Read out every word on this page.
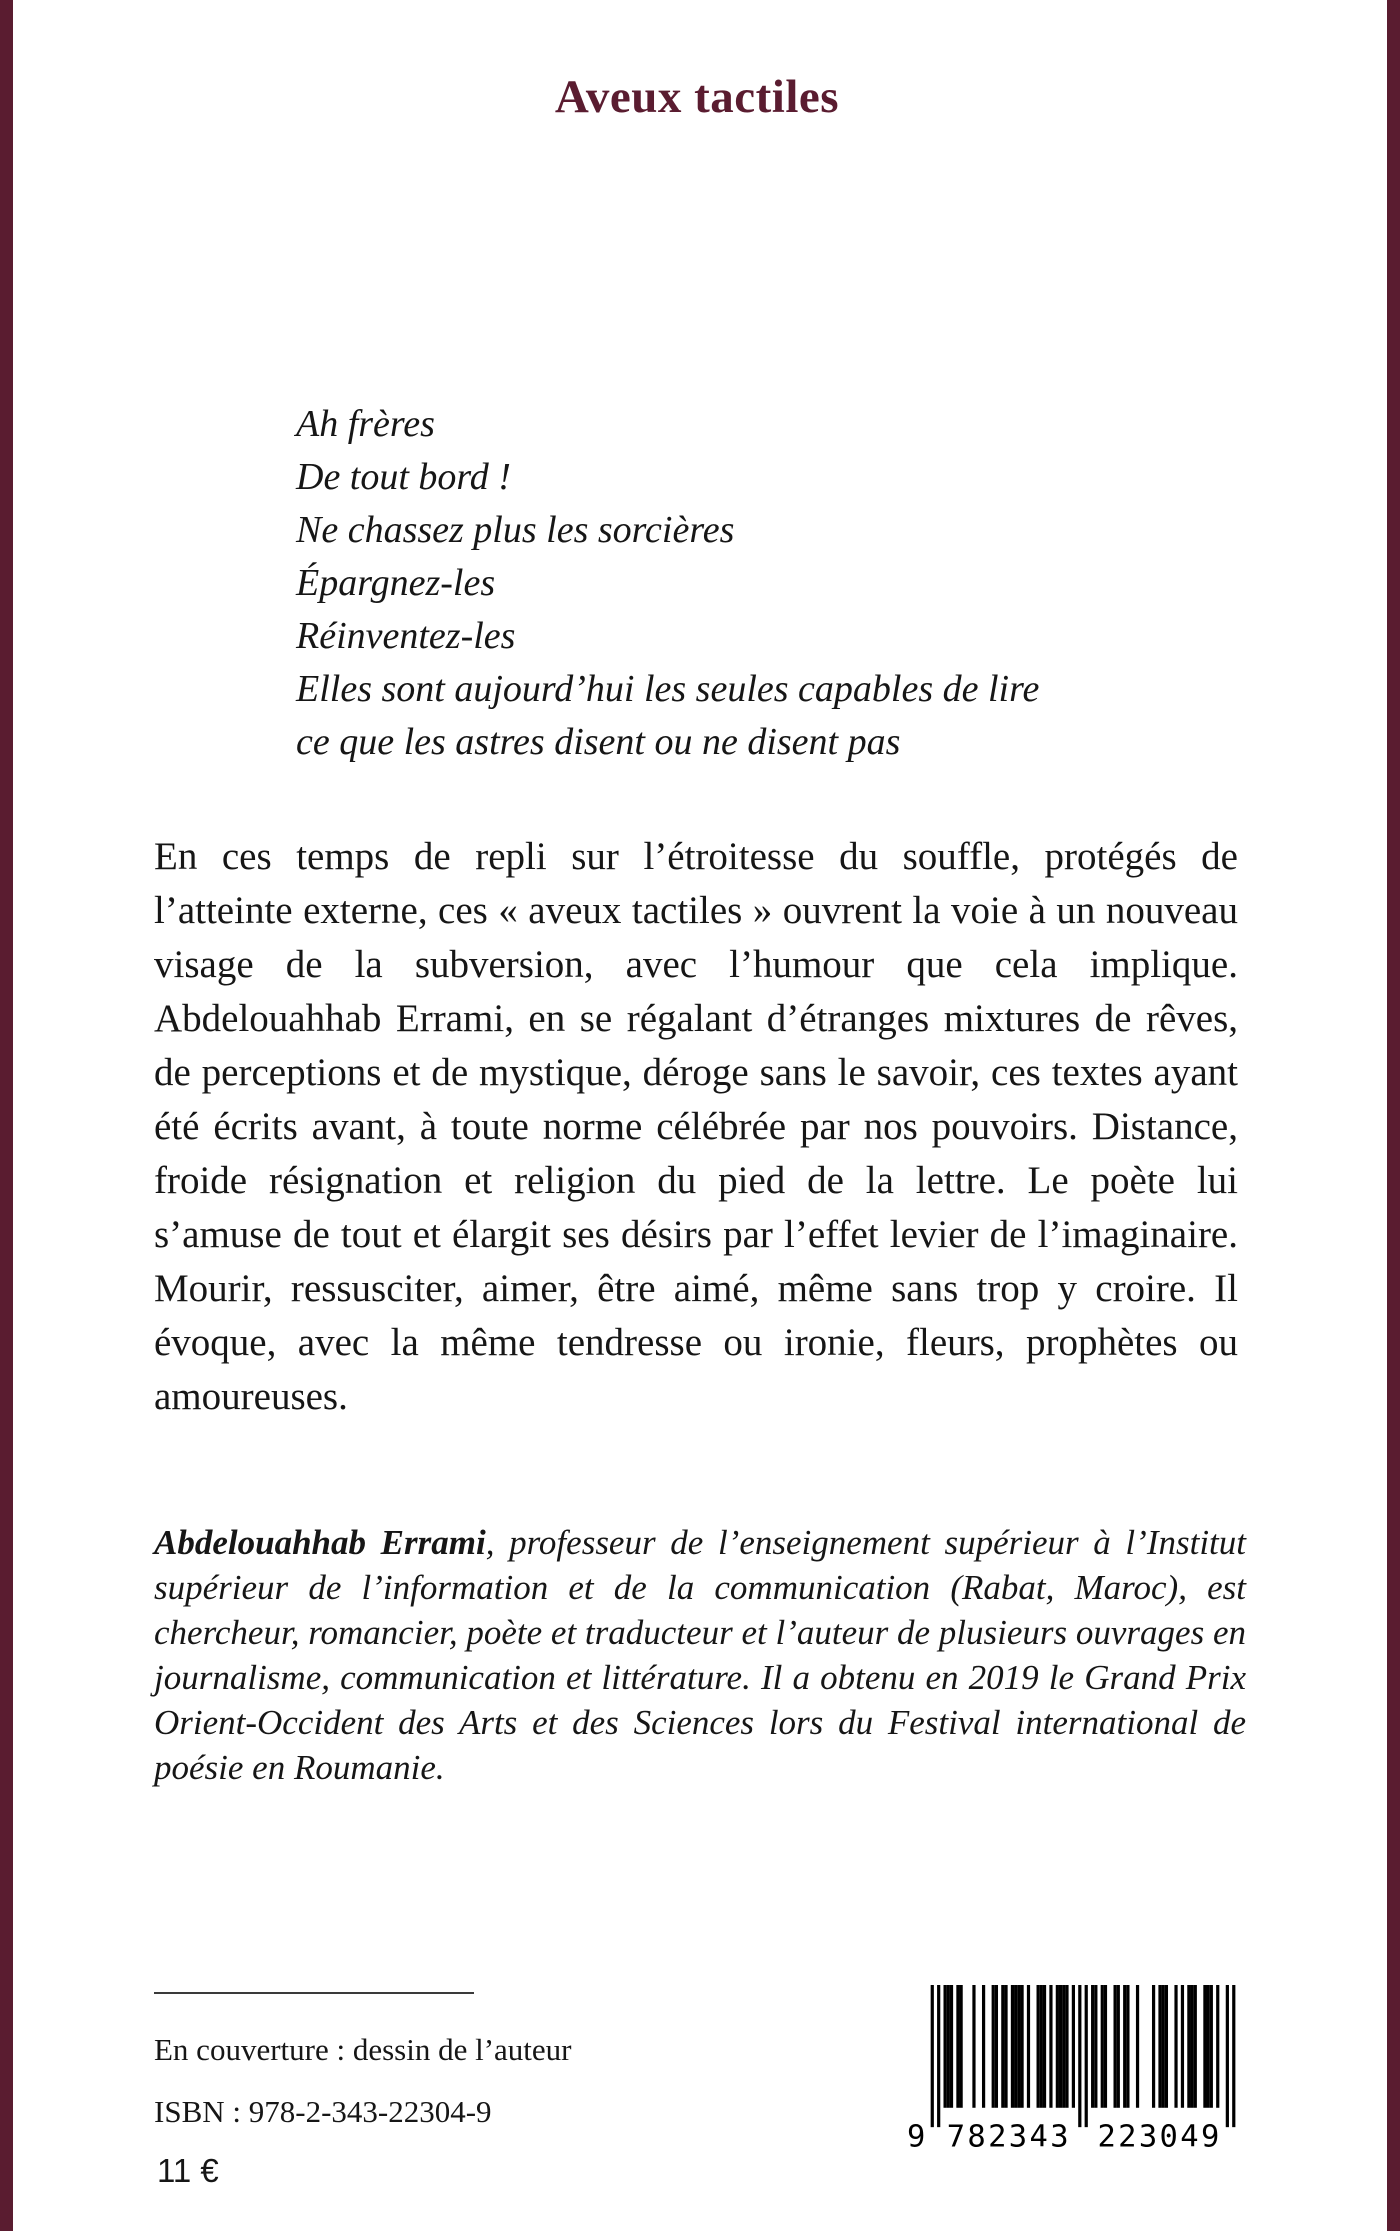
Aveux tactiles
Ah frères
De tout bord !
Ne chassez plus les sorcières
Épargnez-les
Réinventez-les
Elles sont aujourd’hui les seules capables de lire
ce que les astres disent ou ne disent pas

En ces temps de repli sur l’étroitesse du souffle, protégés de l’atteinte externe, ces « aveux tactiles » ouvrent la voie à un nouveau visage de la subversion, avec l’humour que cela implique. Abdelouahhab Errami, en se régalant d’étranges mixtures de rêves, de perceptions et de mystique, déroge sans le savoir, ces textes ayant été écrits avant, à toute norme célébrée par nos pouvoirs. Distance, froide résignation et religion du pied de la lettre. Le poète lui s’amuse de tout et élargit ses désirs par l’effet levier de l’imaginaire. Mourir, ressusciter, aimer, être aimé, même sans trop y croire. Il évoque, avec la même tendresse ou ironie, fleurs, prophètes ou amoureuses.

Abdelouahhab Errami, professeur de l’enseignement supérieur à l’Institut supérieur de l’information et de la communication (Rabat, Maroc), est chercheur, romancier, poète et traducteur et l’auteur de plusieurs ouvrages en journalisme, communication et littérature. Il a obtenu en 2019 le Grand Prix Orient-Occident des Arts et des Sciences lors du Festival international de poésie en Roumanie.

En couverture : dessin de l’auteur
ISBN : 978-2-343-22304-9
11 €
9 782343	223049
